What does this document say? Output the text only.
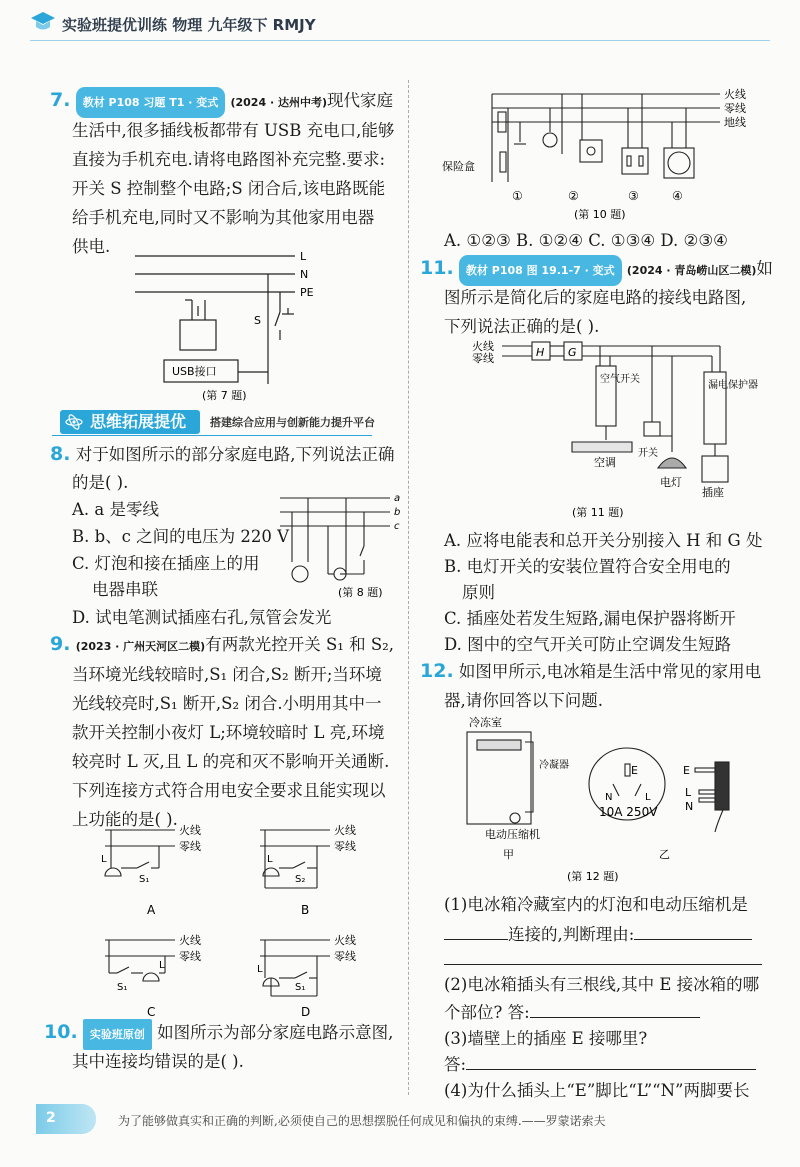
实验班提优训练 物理 九年级下 RMJY
7. 教材 P108 习题 T1 · 变式 (2024 · 达州中考)现代家庭
生活中,很多插线板都带有 USB 充电口,能够
直接为手机充电.请将电路图补充完整.要求:
开关 S 控制整个电路;S 闭合后,该电路既能
给手机充电,同时又不影响为其他家用电器
供电.
L
N
PE
S
USB接口
(第 7 题)
思维拓展提优	搭建综合应用与创新能力提升平台
8. 对于如图所示的部分家庭电路,下列说法正确
的是( ).
A. a 是零线
B. b、c 之间的电压为 220 V
C. 灯泡和接在插座上的用
电器串联
D. 试电笔测试插座右孔,氖管会发光
a
b
c
(第 8 题)
9. (2023 · 广州天河区二模)有两款光控开关 S₁ 和 S₂,
当环境光线较暗时,S₁ 闭合,S₂ 断开;当环境
光线较亮时,S₁ 断开,S₂ 闭合.小明用其中一
款开关控制小夜灯 L;环境较暗时 L 亮,环境
较亮时 L 灭,且 L 的亮和灭不影响开关通断.
下列连接方式符合用电安全要求且能实现以
上功能的是( ).
火线
零线
L
S₁
A
火线
零线
L
S₂
B
火线
零线
L
S₁
C
火线
零线
L
S₁
D
10. 实验班原创 如图所示为部分家庭电路示意图,
其中连接均错误的是( ).
火线
零线
地线
保险盒
①	②	③	④
(第 10 题)
A. ①②③ B. ①②④ C. ①③④ D. ②③④
11. 教材 P108 图 19.1-7 · 变式 (2024 · 青岛崂山区二模)如
图所示是简化后的家庭电路的接线电路图,
下列说法正确的是( ).
火线
零线	H G
空气开关
空调
开关
漏电保护器
电灯
插座
(第 11 题)
A. 应将电能表和总开关分别接入 H 和 G 处
B. 电灯开关的安装位置符合安全用电的
原则
C. 插座处若发生短路,漏电保护器将断开
D. 图中的空气开关可防止空调发生短路
12. 如图甲所示,电冰箱是生活中常见的家用电
器,请你回答以下问题.
冷冻室
冷凝器
电动压缩机
甲
E
N	L
10A 250V
E
L
N
乙
(第 12 题)
(1)电冰箱冷藏室内的灯泡和电动压缩机是
连接的,判断理由:
(2)电冰箱插头有三根线,其中 E 接冰箱的哪
个部位? 答:
(3)墙壁上的插座 E 接哪里?
答:
(4)为什么插头上“E”脚比“L”“N”两脚要长
2	为了能够做真实和正确的判断,必须使自己的思想摆脱任何成见和偏执的束缚.——罗蒙诺索夫
